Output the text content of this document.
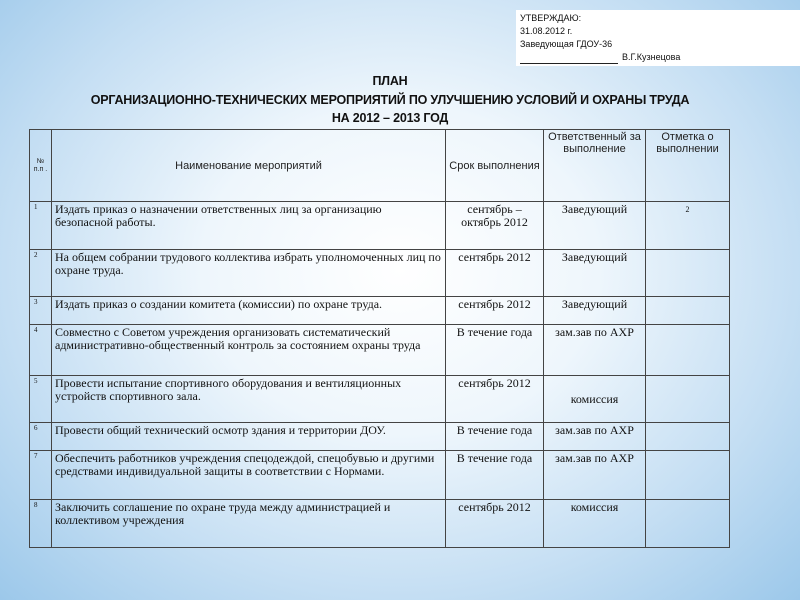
УТВЕРЖДАЮ:
31.08.2012 г.
Заведующая ГДОУ-36
В.Г.Кузнецова
ПЛАН
ОРГАНИЗАЦИОННО-ТЕХНИЧЕСКИХ МЕРОПРИЯТИЙ ПО УЛУЧШЕНИЮ УСЛОВИЙ И ОХРАНЫ ТРУДА
НА 2012 – 2013 ГОД
№ п.п .	Наименование мероприятий	Срок выполнения	Ответственный за выполнение	Отметка о выполнении
1	Издать приказ о назначении ответственных лиц за организацию безопасной работы.	сентябрь – октябрь 2012	Заведующий	2
2	На общем собрании трудового коллектива избрать уполномоченных лиц по охране труда.	сентябрь 2012	Заведующий	
3	Издать приказ о создании комитета (комиссии) по охране труда.	сентябрь 2012	Заведующий	
4	Совместно с Советом учреждения организовать систематический административно-общественный контроль за состоянием охраны труда	В течение года	зам.зав по АХР	
5	Провести испытание спортивного оборудования и вентиляционных устройств спортивного зала.	сентябрь 2012	комиссия	
6	Провести общий технический осмотр здания и территории ДОУ.	В течение года	зам.зав по АХР	
7	Обеспечить работников учреждения спецодеждой, спецобувью и другими средствами индивидуальной защиты в соответствии с Нормами.	В течение года	зам.зав по АХР	
8	Заключить соглашение по охране труда между администрацией и коллективом учреждения	сентябрь 2012	комиссия	
